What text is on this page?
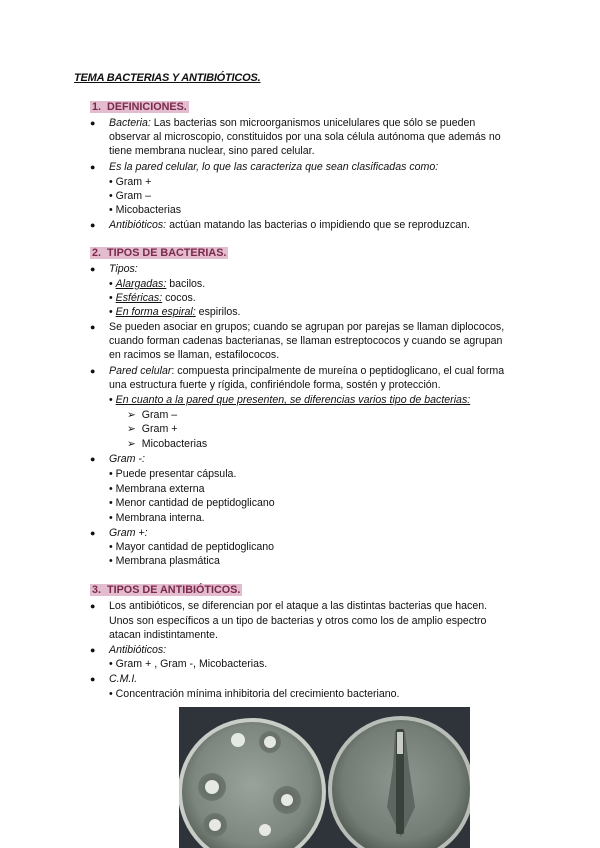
TEMA BACTERIAS Y ANTIBIÓTICOS.
1. DEFINICIONES.
● Bacteria: Las bacterias son microorganismos unicelulares que sólo se pueden
observar al microscopio, constituidos por una sola célula autónoma que además no
tiene membrana nuclear, sino pared celular.
● Es la pared celular, lo que las caracteriza que sean clasificadas como:
• Gram +
• Gram –
• Micobacterias
● Antibióticos: actúan matando las bacterias o impidiendo que se reproduzcan.
2. TIPOS DE BACTERIAS.
● Tipos:
• Alargadas: bacilos.
• Esféricas: cocos.
• En forma espiral: espirilos.
● Se pueden asociar en grupos; cuando se agrupan por parejas se llaman diplococos,
cuando forman cadenas bacterianas, se llaman estreptococos y cuando se agrupan
en racimos se llaman, estafilococos.
● Pared celular: compuesta principalmente de mureína o peptidoglicano, el cual forma
una estructura fuerte y rígida, confiriéndole forma, sostén y protección.
• En cuanto a la pared que presenten, se diferencias varios tipo de bacterias:
➢ Gram –
➢ Gram +
➢ Micobacterias
● Gram -:
• Puede presentar cápsula.
• Membrana externa
• Menor cantidad de peptidoglicano
• Membrana interna.
● Gram +:
• Mayor cantidad de peptidoglicano
• Membrana plasmática
3. TIPOS DE ANTIBIÓTICOS.
● Los antibióticos, se diferencian por el ataque a las distintas bacterias que hacen.
Unos son específicos a un tipo de bacterias y otros como los de amplio espectro
atacan indistintamente.
● Antibióticos:
• Gram + , Gram -, Micobacterias.
● C.M.I.
• Concentración mínima inhibitoria del crecimiento bacteriano.
